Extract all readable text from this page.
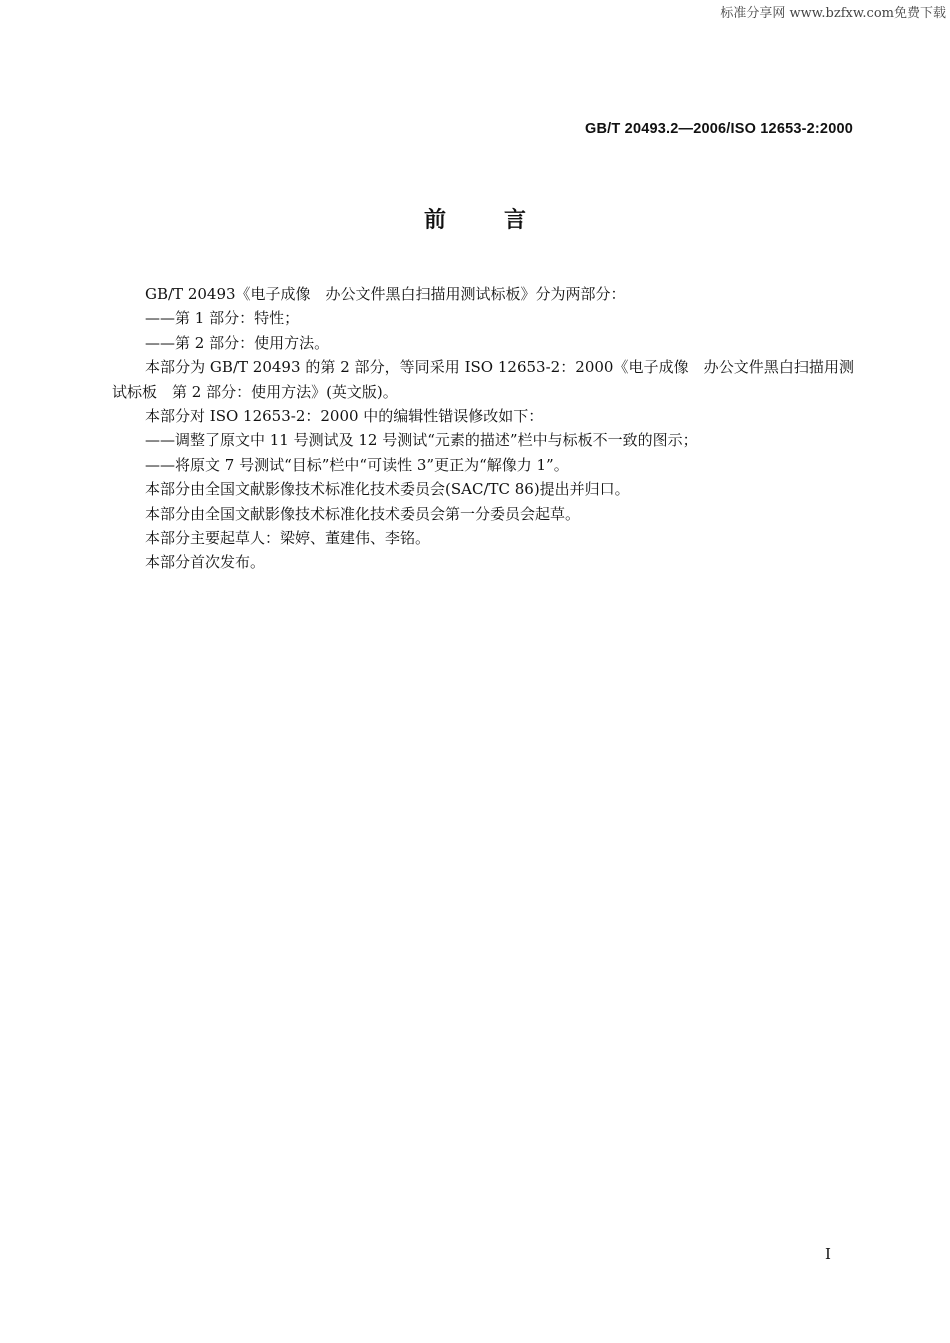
标准分享网 www.bzfxw.com免费下载
GB/T 20493.2—2006/ISO 12653-2:2000
前言

GB/T 20493《电子成像　办公文件黑白扫描用测试标板》分为两部分：

——第 1 部分：特性；

——第 2 部分：使用方法。

本部分为 GB/T 20493 的第 2 部分，等同采用 ISO 12653-2：2000《电子成像　办公文件黑白扫描用测试标板　第 2 部分：使用方法》(英文版)。

本部分对 ISO 12653-2：2000 中的编辑性错误修改如下：

——调整了原文中 11 号测试及 12 号测试“元素的描述”栏中与标板不一致的图示；

——将原文 7 号测试“目标”栏中“可读性 3”更正为“解像力 1”。

本部分由全国文献影像技术标准化技术委员会(SAC/TC 86)提出并归口。

本部分由全国文献影像技术标准化技术委员会第一分委员会起草。

本部分主要起草人：梁婷、董建伟、李铭。

本部分首次发布。

I
